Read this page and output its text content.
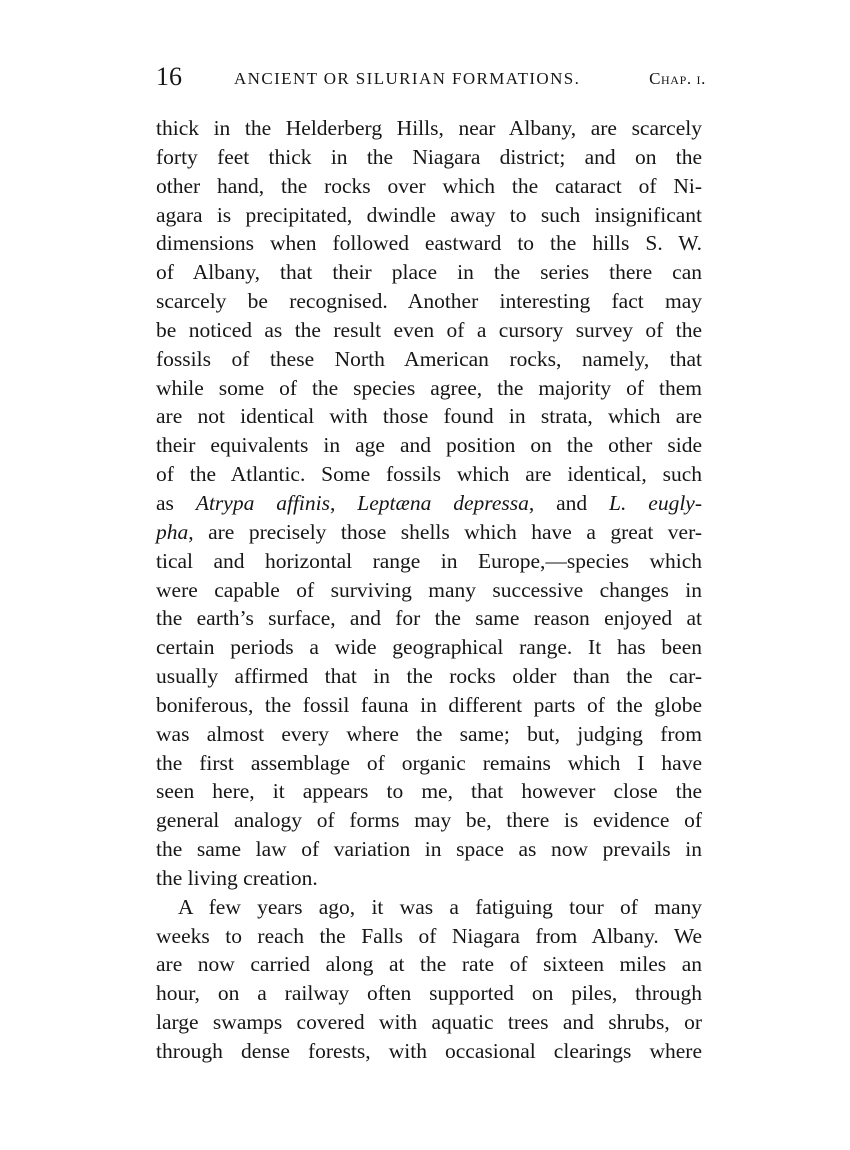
16	ANCIENT OR SILURIAN FORMATIONS.	Chap. i.
thick in the Helderberg Hills, near Albany, are scarcely
forty feet thick in the Niagara district; and on the
other hand, the rocks over which the cataract of Ni-
agara is precipitated, dwindle away to such insignificant
dimensions when followed eastward to the hills S. W.
of Albany, that their place in the series there can
scarcely be recognised. Another interesting fact may
be noticed as the result even of a cursory survey of the
fossils of these North American rocks, namely, that
while some of the species agree, the majority of them
are not identical with those found in strata, which are
their equivalents in age and position on the other side
of the Atlantic. Some fossils which are identical, such
as Atrypa affinis, Leptæna depressa, and L. eugly-
pha, are precisely those shells which have a great ver-
tical and horizontal range in Europe,—species which
were capable of surviving many successive changes in
the earth’s surface, and for the same reason enjoyed at
certain periods a wide geographical range. It has been
usually affirmed that in the rocks older than the car-
boniferous, the fossil fauna in different parts of the globe
was almost every where the same; but, judging from
the first assemblage of organic remains which I have
seen here, it appears to me, that however close the
general analogy of forms may be, there is evidence of
the same law of variation in space as now prevails in
the living creation.
A few years ago, it was a fatiguing tour of many
weeks to reach the Falls of Niagara from Albany. We
are now carried along at the rate of sixteen miles an
hour, on a railway often supported on piles, through
large swamps covered with aquatic trees and shrubs, or
through dense forests, with occasional clearings where
